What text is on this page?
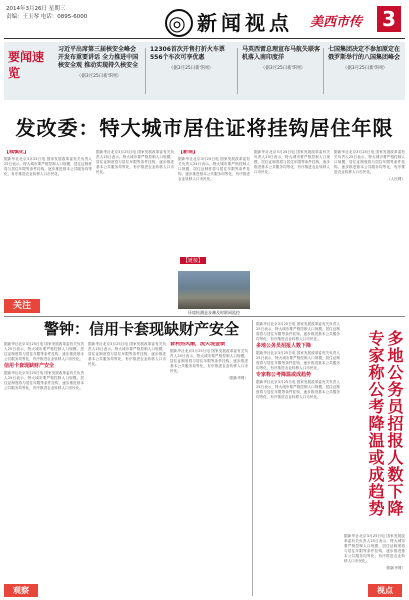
2014年3月26日 星期三
责编：王玉琴 电话：0895-6000	◎ 新闻视点 美西市传 3
要闻速览
习近平出席第三届核安全峰会 开发布重要讲话 全力推进中国核安全观 推动实现持久核安全
（据3月25日新华网）
12306首次开售打折火车票 556个车次可享优惠
（据3月25日新华网）
马英西雷总理宣布马航失联客机落入南印度洋
（据3月25日新华网）
七国集团决定不参加原定在俄罗斯举行的八国集团峰会
（据3月25日新华网）
发改委：特大城市居住证将挂钩居住年限
【城镇化】

据新华社北京3月25日电 国家发展改革委有关负责人25日表示，特大城市要严格控制人口规模，居住证制度将与居住年限等条件挂钩，逐步推进基本公共服务均等化，有序推进农业转移人口市民化。

据新华社北京3月25日电 国家发展改革委有关负责人25日表示，特大城市要严格控制人口规模，居住证制度将与居住年限等条件挂钩，逐步推进基本公共服务均等化，有序推进农业转移人口市民化。

【新规】

据新华社北京3月25日电 国家发展改革委有关负责人25日表示，特大城市要严格控制人口规模，居住证制度将与居住年限等条件挂钩，逐步推进基本公共服务均等化，有序推进农业转移人口市民化。

据新华社北京3月25日电 国家发展改革委有关负责人25日表示，特大城市要严格控制人口规模，居住证制度将与居住年限等条件挂钩，逐步推进基本公共服务均等化，有序推进农业转移人口市民化。

据新华社北京3月25日电 国家发展改革委有关负责人25日表示，特大城市要严格控制人口规模，居住证制度将与居住年限等条件挂钩，逐步推进基本公共服务均等化，有序推进农业转移人口市民化。

（人民网）
【链接】
环境检测是步骤及时联网监控
关注
警钟：信用卡套现缺财产安全

据新华社北京3月25日电 国家发展改革委有关负责人25日表示，特大城市要严格控制人口规模，居住证制度将与居住年限等条件挂钩，逐步推进基本公共服务均等化，有序推进农业转移人口市民化。

信用卡套现缺财产安全

据新华社北京3月25日电 国家发展改革委有关负责人25日表示，特大城市要严格控制人口规模，居住证制度将与居住年限等条件挂钩，逐步推进基本公共服务均等化，有序推进农业转移人口市民化。

据新华社北京3月25日电 国家发展改革委有关负责人25日表示，特大城市要严格控制人口规模，居住证制度将与居住年限等条件挂钩，逐步推进基本公共服务均等化，有序推进农业转移人口市民化。

套利热风潮，流失现金债

据新华社北京3月25日电 国家发展改革委有关负责人25日表示，特大城市要严格控制人口规模，居住证制度将与居住年限等条件挂钩，逐步推进基本公共服务均等化，有序推进农业转移人口市民化。

（据新华网）
观察

据新华社北京3月25日电 国家发展改革委有关负责人25日表示，特大城市要严格控制人口规模，居住证制度将与居住年限等条件挂钩，逐步推进基本公共服务均等化，有序推进农业转移人口市民化。

多地公务员招报人数下降

据新华社北京3月25日电 国家发展改革委有关负责人25日表示，特大城市要严格控制人口规模，居住证制度将与居住年限等条件挂钩，逐步推进基本公共服务均等化，有序推进农业转移人口市民化。

专家称公考降温或成趋势

据新华社北京3月25日电 国家发展改革委有关负责人25日表示，特大城市要严格控制人口规模，居住证制度将与居住年限等条件挂钩，逐步推进基本公共服务均等化，有序推进农业转移人口市民化。	多地公务员招报人数下降专家称公考降温或成趋势

据新华社北京3月25日电 国家发展改革委有关负责人25日表示，特大城市要严格控制人口规模，居住证制度将与居住年限等条件挂钩，逐步推进基本公共服务均等化，有序推进农业转移人口市民化。

（据新华网）
视点
